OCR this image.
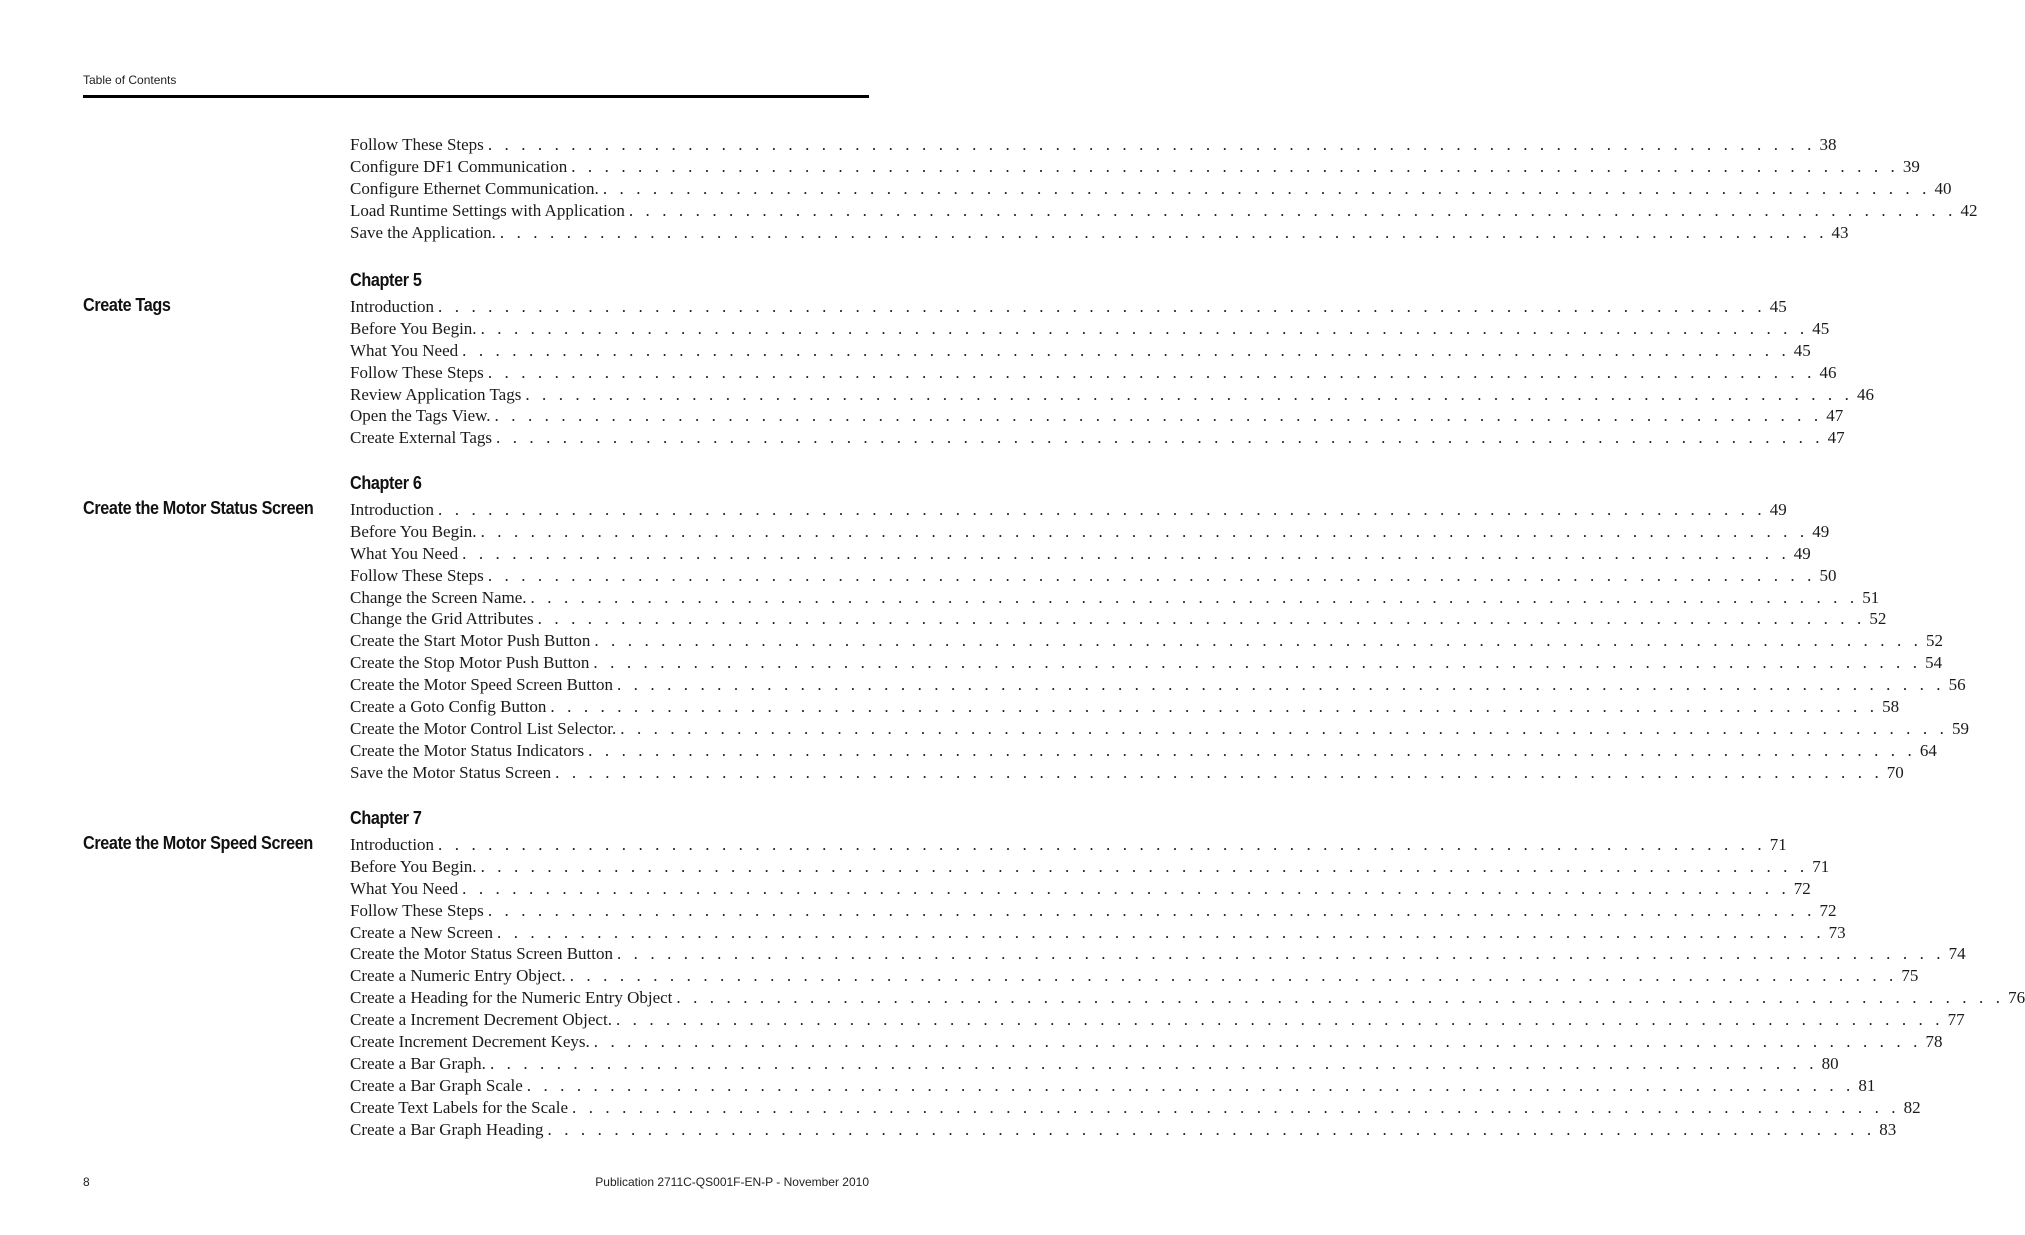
Table of Contents
Follow These Steps . . . . . . . . . . . . . . . . . . . . . . . . . . . . . . . . . . . . . . . . . . . . . . . . . . . . . . . . . . . . . . . . . . . . . . . . . . . . . . . . 38
Configure DF1 Communication . . . . . . . . . . . . . . . . . . . . . . . . . . . . . . . . . . . . . . . . . . . . . . . . . . . . . . . . . . . . . . . . . . . . . . . . . . . . . . . . 39
Configure Ethernet Communication. . . . . . . . . . . . . . . . . . . . . . . . . . . . . . . . . . . . . . . . . . . . . . . . . . . . . . . . . . . . . . . . . . . . . . . . . . . . . . . . . 40
Load Runtime Settings with Application . . . . . . . . . . . . . . . . . . . . . . . . . . . . . . . . . . . . . . . . . . . . . . . . . . . . . . . . . . . . . . . . . . . . . . . . . . . . . . . . 42
Save the Application. . . . . . . . . . . . . . . . . . . . . . . . . . . . . . . . . . . . . . . . . . . . . . . . . . . . . . . . . . . . . . . . . . . . . . . . . . . . . . . . . 43
Chapter 5
Create Tags	Introduction . . . . . . . . . . . . . . . . . . . . . . . . . . . . . . . . . . . . . . . . . . . . . . . . . . . . . . . . . . . . . . . . . . . . . . . . . . . . . . . . 45
Before You Begin. . . . . . . . . . . . . . . . . . . . . . . . . . . . . . . . . . . . . . . . . . . . . . . . . . . . . . . . . . . . . . . . . . . . . . . . . . . . . . . . . 45
What You Need . . . . . . . . . . . . . . . . . . . . . . . . . . . . . . . . . . . . . . . . . . . . . . . . . . . . . . . . . . . . . . . . . . . . . . . . . . . . . . . . 45
Follow These Steps . . . . . . . . . . . . . . . . . . . . . . . . . . . . . . . . . . . . . . . . . . . . . . . . . . . . . . . . . . . . . . . . . . . . . . . . . . . . . . . . 46
Review Application Tags . . . . . . . . . . . . . . . . . . . . . . . . . . . . . . . . . . . . . . . . . . . . . . . . . . . . . . . . . . . . . . . . . . . . . . . . . . . . . . . . 46
Open the Tags View. . . . . . . . . . . . . . . . . . . . . . . . . . . . . . . . . . . . . . . . . . . . . . . . . . . . . . . . . . . . . . . . . . . . . . . . . . . . . . . . . 47
Create External Tags . . . . . . . . . . . . . . . . . . . . . . . . . . . . . . . . . . . . . . . . . . . . . . . . . . . . . . . . . . . . . . . . . . . . . . . . . . . . . . . . 47
Chapter 6
Create the Motor Status Screen Introduction . . . . . . . . . . . . . . . . . . . . . . . . . . . . . . . . . . . . . . . . . . . . . . . . . . . . . . . . . . . . . . . . . . . . . . . . . . . . . . . . 49
Before You Begin. . . . . . . . . . . . . . . . . . . . . . . . . . . . . . . . . . . . . . . . . . . . . . . . . . . . . . . . . . . . . . . . . . . . . . . . . . . . . . . . . 49
What You Need . . . . . . . . . . . . . . . . . . . . . . . . . . . . . . . . . . . . . . . . . . . . . . . . . . . . . . . . . . . . . . . . . . . . . . . . . . . . . . . . 49
Follow These Steps . . . . . . . . . . . . . . . . . . . . . . . . . . . . . . . . . . . . . . . . . . . . . . . . . . . . . . . . . . . . . . . . . . . . . . . . . . . . . . . . 50
Change the Screen Name. . . . . . . . . . . . . . . . . . . . . . . . . . . . . . . . . . . . . . . . . . . . . . . . . . . . . . . . . . . . . . . . . . . . . . . . . . . . . . . . . 51
Change the Grid Attributes . . . . . . . . . . . . . . . . . . . . . . . . . . . . . . . . . . . . . . . . . . . . . . . . . . . . . . . . . . . . . . . . . . . . . . . . . . . . . . . . 52
Create the Start Motor Push Button . . . . . . . . . . . . . . . . . . . . . . . . . . . . . . . . . . . . . . . . . . . . . . . . . . . . . . . . . . . . . . . . . . . . . . . . . . . . . . . . 52
Create the Stop Motor Push Button . . . . . . . . . . . . . . . . . . . . . . . . . . . . . . . . . . . . . . . . . . . . . . . . . . . . . . . . . . . . . . . . . . . . . . . . . . . . . . . . 54
Create the Motor Speed Screen Button . . . . . . . . . . . . . . . . . . . . . . . . . . . . . . . . . . . . . . . . . . . . . . . . . . . . . . . . . . . . . . . . . . . . . . . . . . . . . . . . 56
Create a Goto Config Button . . . . . . . . . . . . . . . . . . . . . . . . . . . . . . . . . . . . . . . . . . . . . . . . . . . . . . . . . . . . . . . . . . . . . . . . . . . . . . . . 58
Create the Motor Control List Selector. . . . . . . . . . . . . . . . . . . . . . . . . . . . . . . . . . . . . . . . . . . . . . . . . . . . . . . . . . . . . . . . . . . . . . . . . . . . . . . . . 59
Create the Motor Status Indicators . . . . . . . . . . . . . . . . . . . . . . . . . . . . . . . . . . . . . . . . . . . . . . . . . . . . . . . . . . . . . . . . . . . . . . . . . . . . . . . . 64
Save the Motor Status Screen . . . . . . . . . . . . . . . . . . . . . . . . . . . . . . . . . . . . . . . . . . . . . . . . . . . . . . . . . . . . . . . . . . . . . . . . . . . . . . . . 70
Chapter 7
Create the Motor Speed Screen Introduction . . . . . . . . . . . . . . . . . . . . . . . . . . . . . . . . . . . . . . . . . . . . . . . . . . . . . . . . . . . . . . . . . . . . . . . . . . . . . . . . 71
Before You Begin. . . . . . . . . . . . . . . . . . . . . . . . . . . . . . . . . . . . . . . . . . . . . . . . . . . . . . . . . . . . . . . . . . . . . . . . . . . . . . . . . 71
What You Need . . . . . . . . . . . . . . . . . . . . . . . . . . . . . . . . . . . . . . . . . . . . . . . . . . . . . . . . . . . . . . . . . . . . . . . . . . . . . . . . 72
Follow These Steps . . . . . . . . . . . . . . . . . . . . . . . . . . . . . . . . . . . . . . . . . . . . . . . . . . . . . . . . . . . . . . . . . . . . . . . . . . . . . . . . 72
Create a New Screen . . . . . . . . . . . . . . . . . . . . . . . . . . . . . . . . . . . . . . . . . . . . . . . . . . . . . . . . . . . . . . . . . . . . . . . . . . . . . . . . 73
Create the Motor Status Screen Button . . . . . . . . . . . . . . . . . . . . . . . . . . . . . . . . . . . . . . . . . . . . . . . . . . . . . . . . . . . . . . . . . . . . . . . . . . . . . . . . 74
Create a Numeric Entry Object. . . . . . . . . . . . . . . . . . . . . . . . . . . . . . . . . . . . . . . . . . . . . . . . . . . . . . . . . . . . . . . . . . . . . . . . . . . . . . . . . 75
Create a Heading for the Numeric Entry Object . . . . . . . . . . . . . . . . . . . . . . . . . . . . . . . . . . . . . . . . . . . . . . . . . . . . . . . . . . . . . . . . . . . . . . . . . . . . . . . . 76
Create a Increment Decrement Object. . . . . . . . . . . . . . . . . . . . . . . . . . . . . . . . . . . . . . . . . . . . . . . . . . . . . . . . . . . . . . . . . . . . . . . . . . . . . . . . . 77
Create Increment Decrement Keys. . . . . . . . . . . . . . . . . . . . . . . . . . . . . . . . . . . . . . . . . . . . . . . . . . . . . . . . . . . . . . . . . . . . . . . . . . . . . . . . . 78
Create a Bar Graph. . . . . . . . . . . . . . . . . . . . . . . . . . . . . . . . . . . . . . . . . . . . . . . . . . . . . . . . . . . . . . . . . . . . . . . . . . . . . . . . . 80
Create a Bar Graph Scale . . . . . . . . . . . . . . . . . . . . . . . . . . . . . . . . . . . . . . . . . . . . . . . . . . . . . . . . . . . . . . . . . . . . . . . . . . . . . . . . 81
Create Text Labels for the Scale . . . . . . . . . . . . . . . . . . . . . . . . . . . . . . . . . . . . . . . . . . . . . . . . . . . . . . . . . . . . . . . . . . . . . . . . . . . . . . . . 82
Create a Bar Graph Heading . . . . . . . . . . . . . . . . . . . . . . . . . . . . . . . . . . . . . . . . . . . . . . . . . . . . . . . . . . . . . . . . . . . . . . . . . . . . . . . . 83
8	Publication 2711C-QS001F-EN-P - November 2010
